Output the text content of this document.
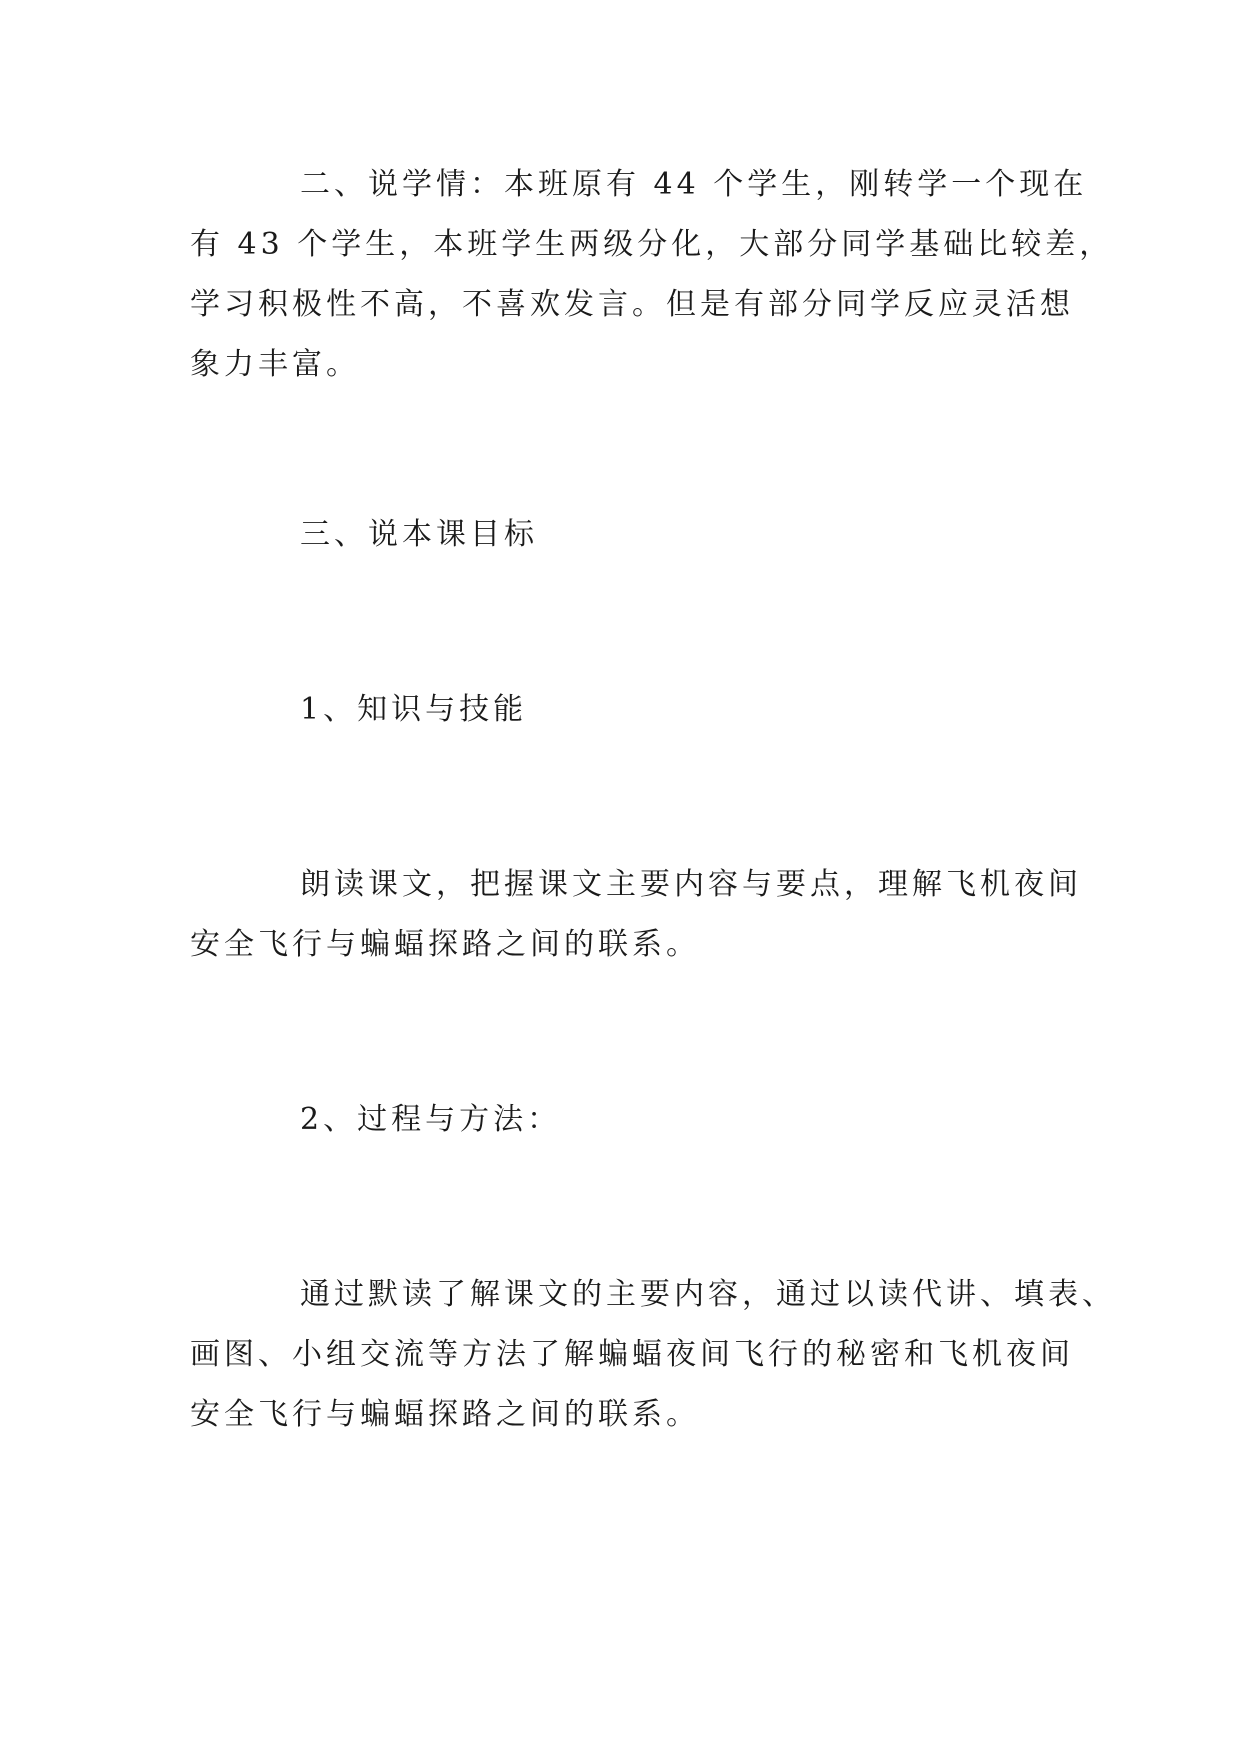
二、说学情：本班原有 44 个学生，刚转学一个现在
有 43 个学生，本班学生两级分化，大部分同学基础比较差，
学习积极性不高，不喜欢发言。但是有部分同学反应灵活想
象力丰富。
三、说本课目标
1、知识与技能
朗读课文，把握课文主要内容与要点，理解飞机夜间
安全飞行与蝙蝠探路之间的联系。
2、过程与方法：
通过默读了解课文的主要内容，通过以读代讲、填表、
画图、小组交流等方法了解蝙蝠夜间飞行的秘密和飞机夜间
安全飞行与蝙蝠探路之间的联系。
